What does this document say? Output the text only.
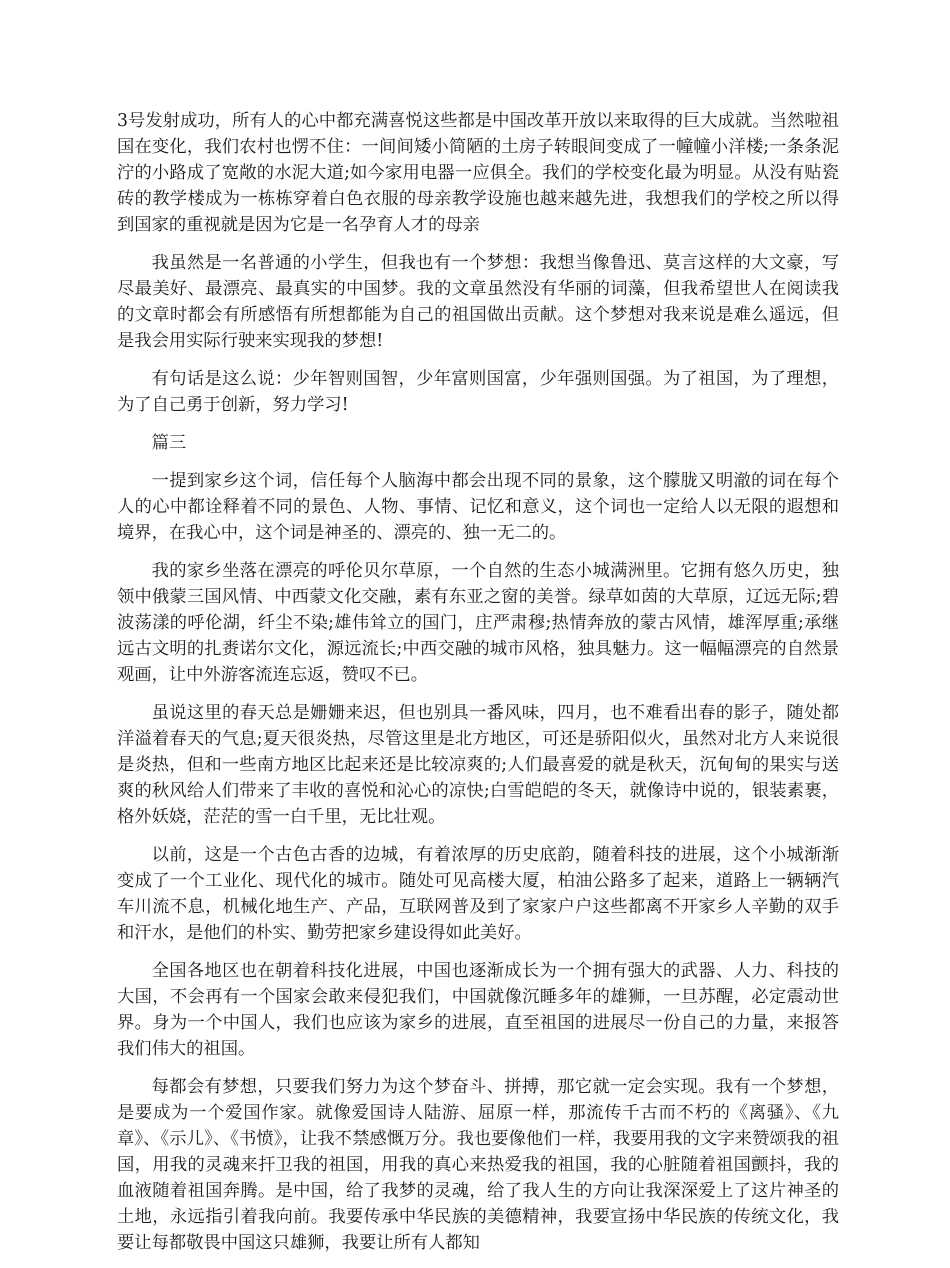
3号发射成功，所有人的心中都充满喜悦这些都是中国改革开放以来取得的巨大成就。当然啦祖国在变化，我们农村也愣不住：一间间矮小简陋的土房子转眼间变成了一幢幢小洋楼;一条条泥泞的小路成了宽敞的水泥大道;如今家用电器一应俱全。我们的学校变化最为明显。从没有贴瓷砖的教学楼成为一栋栋穿着白色衣服的母亲教学设施也越来越先进，我想我们的学校之所以得到国家的重视就是因为它是一名孕育人才的母亲

我虽然是一名普通的小学生，但我也有一个梦想：我想当像鲁迅、莫言这样的大文豪，写尽最美好、最漂亮、最真实的中国梦。我的文章虽然没有华丽的词藻，但我希望世人在阅读我的文章时都会有所感悟有所想都能为自己的祖国做出贡献。这个梦想对我来说是难么遥远，但是我会用实际行驶来实现我的梦想!

有句话是这么说：少年智则国智，少年富则国富，少年强则国强。为了祖国，为了理想，为了自己勇于创新，努力学习!

篇三

一提到家乡这个词，信任每个人脑海中都会出现不同的景象，这个朦胧又明澈的词在每个人的心中都诠释着不同的景色、人物、事情、记忆和意义，这个词也一定给人以无限的遐想和境界，在我心中，这个词是神圣的、漂亮的、独一无二的。

我的家乡坐落在漂亮的呼伦贝尔草原，一个自然的生态小城满洲里。它拥有悠久历史，独领中俄蒙三国风情、中西蒙文化交融，素有东亚之窗的美誉。绿草如茵的大草原，辽远无际;碧波荡漾的呼伦湖，纤尘不染;雄伟耸立的国门，庄严肃穆;热情奔放的蒙古风情，雄浑厚重;承继远古文明的扎赉诺尔文化，源远流长;中西交融的城市风格，独具魅力。这一幅幅漂亮的自然景观画，让中外游客流连忘返，赞叹不已。

虽说这里的春天总是姗姗来迟，但也别具一番风味，四月，也不难看出春的影子，随处都洋溢着春天的气息;夏天很炎热，尽管这里是北方地区，可还是骄阳似火，虽然对北方人来说很是炎热，但和一些南方地区比起来还是比较凉爽的;人们最喜爱的就是秋天，沉甸甸的果实与送爽的秋风给人们带来了丰收的喜悦和沁心的凉快;白雪皑皑的冬天，就像诗中说的，银装素裹，格外妖娆，茫茫的雪一白千里，无比壮观。

以前，这是一个古色古香的边城，有着浓厚的历史底韵，随着科技的进展，这个小城渐渐变成了一个工业化、现代化的城市。随处可见高楼大厦，柏油公路多了起来，道路上一辆辆汽车川流不息，机械化地生产、产品，互联网普及到了家家户户这些都离不开家乡人辛勤的双手和汗水，是他们的朴实、勤劳把家乡建设得如此美好。

全国各地区也在朝着科技化进展，中国也逐渐成长为一个拥有强大的武器、人力、科技的大国，不会再有一个国家会敢来侵犯我们，中国就像沉睡多年的雄狮，一旦苏醒，必定震动世界。身为一个中国人，我们也应该为家乡的进展，直至祖国的进展尽一份自己的力量，来报答我们伟大的祖国。

每都会有梦想，只要我们努力为这个梦奋斗、拼搏，那它就一定会实现。我有一个梦想，是要成为一个爱国作家。就像爱国诗人陆游、屈原一样，那流传千古而不朽的《离骚》、《九章》、《示儿》、《书愤》，让我不禁感慨万分。我也要像他们一样，我要用我的文字来赞颂我的祖国，用我的灵魂来扞卫我的祖国，用我的真心来热爱我的祖国，我的心脏随着祖国颤抖，我的血液随着祖国奔腾。是中国，给了我梦的灵魂，给了我人生的方向让我深深爱上了这片神圣的土地，永远指引着我向前。我要传承中华民族的美德精神，我要宣扬中华民族的传统文化，我要让每都敬畏中国这只雄狮，我要让所有人都知
